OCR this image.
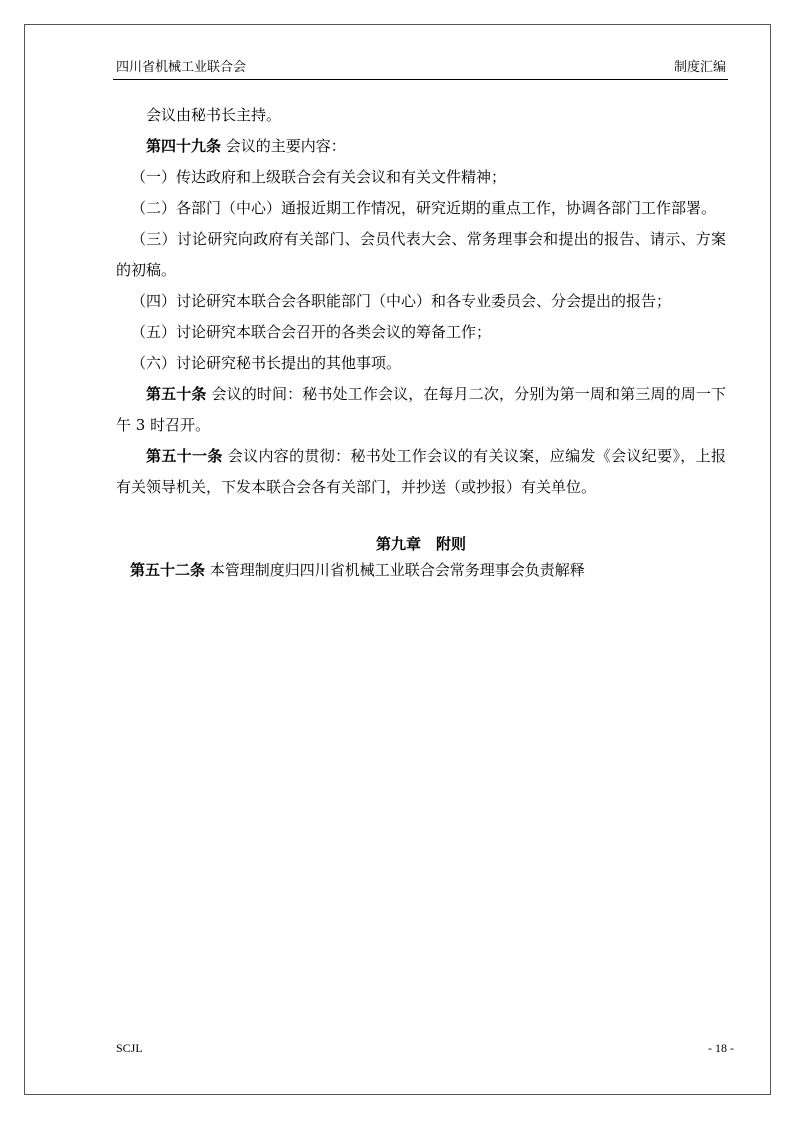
四川省机械工业联合会	制度汇编

会议由秘书长主持。

第四十九条 会议的主要内容：

（一）传达政府和上级联合会有关会议和有关文件精神；

（二）各部门（中心）通报近期工作情况，研究近期的重点工作，协调各部门工作部署。

（三）讨论研究向政府有关部门、会员代表大会、常务理事会和提出的报告、请示、方案的初稿。

（四）讨论研究本联合会各职能部门（中心）和各专业委员会、分会提出的报告；

（五）讨论研究本联合会召开的各类会议的筹备工作；

（六）讨论研究秘书长提出的其他事项。

第五十条 会议的时间：秘书处工作会议，在每月二次，分别为第一周和第三周的周一下午 3 时召开。

第五十一条 会议内容的贯彻：秘书处工作会议的有关议案，应编发《会议纪要》，上报有关领导机关，下发本联合会各有关部门，并抄送（或抄报）有关单位。

第九章　附则

第五十二条 本管理制度归四川省机械工业联合会常务理事会负责解释

SCJL	- 18 -
